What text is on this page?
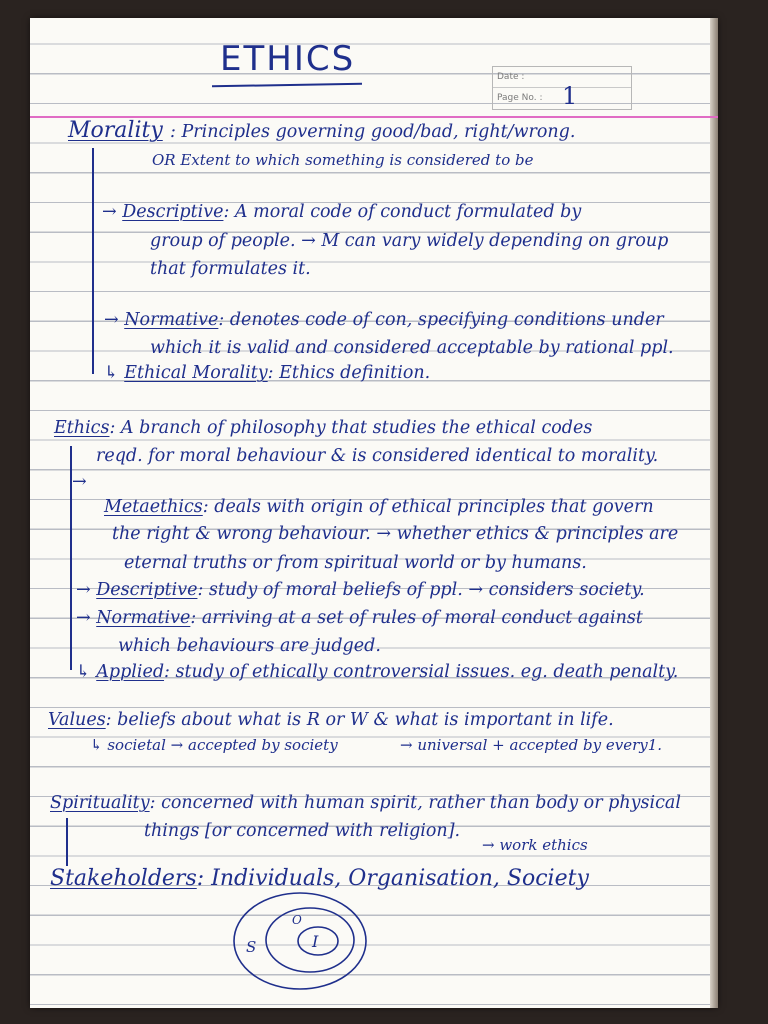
ETHICS	Date :
Page No. : 1
Morality : Principles governing good/bad, right/wrong.
OR Extent to which something is considered to be
→ Descriptive: A moral code of conduct formulated by
group of people. → M can vary widely depending on group
that formulates it.
→ Normative: denotes code of con, specifying conditions under
which it is valid and considered acceptable by rational ppl.
↳ Ethical Morality: Ethics definition.
Ethics: A branch of philosophy that studies the ethical codes
reqd. for moral behaviour & is considered identical to morality.
→
Metaethics: deals with origin of ethical principles that govern
the right & wrong behaviour. → whether ethics & principles are
eternal truths or from spiritual world or by humans.
→ Descriptive: study of moral beliefs of ppl. → considers society.
→ Normative: arriving at a set of rules of moral conduct against
which behaviours are judged.
↳ Applied: study of ethically controversial issues. eg. death penalty.
Values: beliefs about what is R or W & what is important in life.
↳ societal → accepted by society	→ universal + accepted by every1.
Spirituality: concerned with human spirit, rather than body or physical
things [or concerned with religion].
→ work ethics
Stakeholders: Individuals, Organisation, Society
S
O
I
